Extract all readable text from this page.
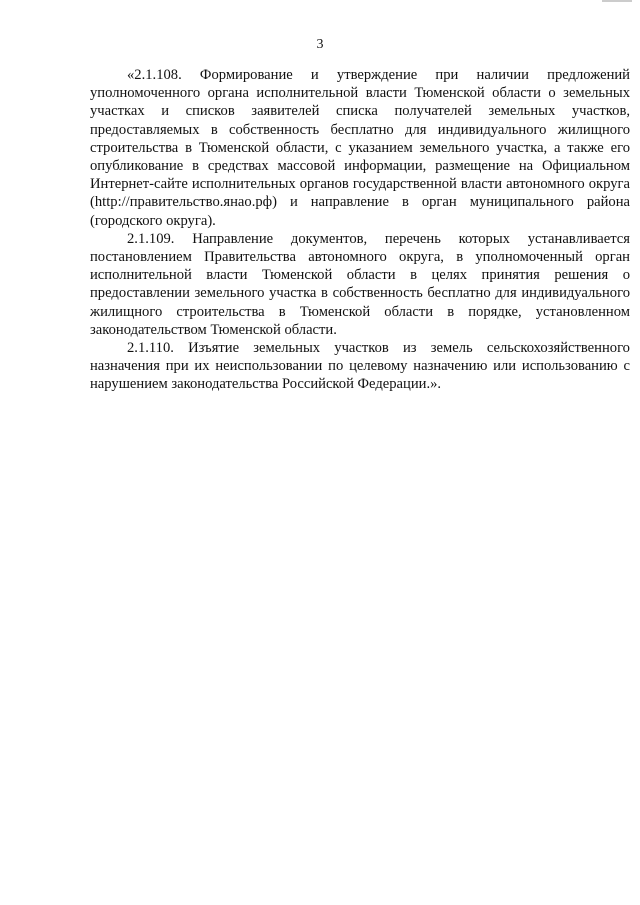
3

«2.1.108. Формирование и утверждение при наличии предложений уполномоченного органа исполнительной власти Тюменской области о земельных участках и списков заявителей списка получателей земельных участков, предоставляемых в собственность бесплатно для индивидуального жилищного строительства в Тюменской области, с указанием земельного участка, а также его опубликование в средствах массовой информации, размещение на Официальном Интернет-сайте исполнительных органов государственной власти автономного округа (http://правительство.янао.рф) и направление в орган муниципального района (городского округа).

2.1.109. Направление документов, перечень которых устанавливается постановлением Правительства автономного округа, в уполномоченный орган исполнительной власти Тюменской области в целях принятия решения о предоставлении земельного участка в собственность бесплатно для индивидуального жилищного строительства в Тюменской области в порядке, установленном законодательством Тюменской области.

2.1.110. Изъятие земельных участков из земель сельскохозяйственного назначения при их неиспользовании по целевому назначению или использованию с нарушением законодательства Российской Федерации.».
